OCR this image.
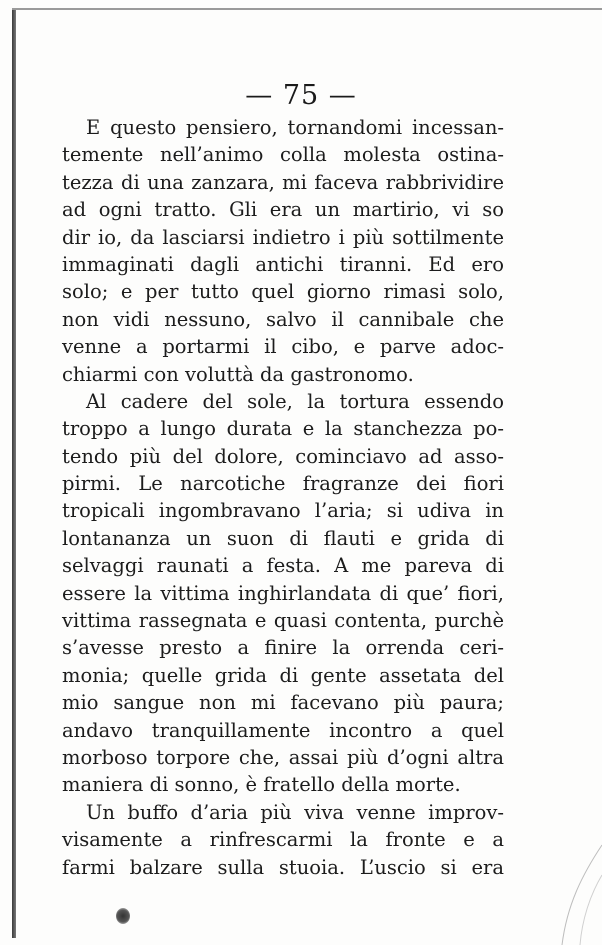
— 75 —
E questo pensiero, tornandomi incessan-
temente nell’animo colla molesta ostina-
tezza di una zanzara, mi faceva rabbrividire
ad ogni tratto. Gli era un martirio, vi so
dir io, da lasciarsi indietro i più sottilmente
immaginati dagli antichi tiranni. Ed ero
solo; e per tutto quel giorno rimasi solo,
non vidi nessuno, salvo il cannibale che
venne a portarmi il cibo, e parve adoc-
chiarmi con voluttà da gastronomo.
Al cadere del sole, la tortura essendo
troppo a lungo durata e la stanchezza po-
tendo più del dolore, cominciavo ad asso-
pirmi. Le narcotiche fragranze dei fiori
tropicali ingombravano l’aria; si udiva in
lontananza un suon di flauti e grida di
selvaggi raunati a festa. A me pareva di
essere la vittima inghirlandata di que’ fiori,
vittima rassegnata e quasi contenta, purchè
s’avesse presto a finire la orrenda ceri-
monia; quelle grida di gente assetata del
mio sangue non mi facevano più paura;
andavo tranquillamente incontro a quel
morboso torpore che, assai più d’ogni altra
maniera di sonno, è fratello della morte.
Un buffo d’aria più viva venne improv-
visamente a rinfrescarmi la fronte e a
farmi balzare sulla stuoia. L’uscio si era
